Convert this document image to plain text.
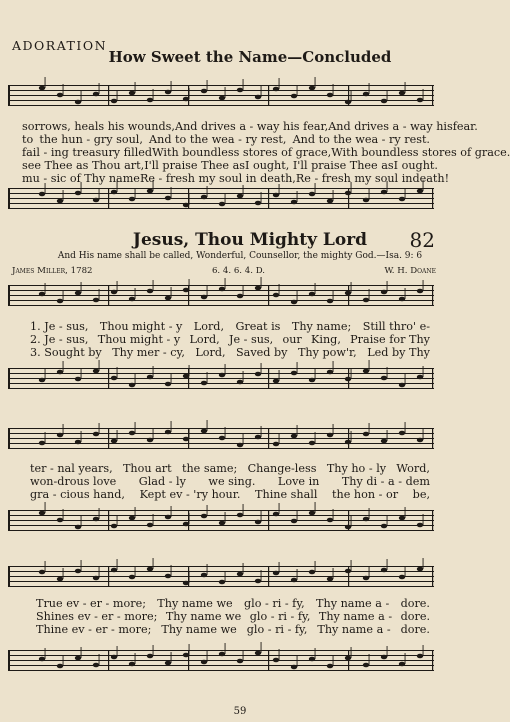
ADORATION
How Sweet the Name—Concluded
sorrows, heals his wounds, And drives a - way his fear, And drives a - way his fear.
to the hun - gry soul, And to the wea - ry rest, And to the wea - ry rest.
fail - ing treasury filled With boundless stores of grace, With boundless stores of grace.
see Thee as Thou art, I'll praise Thee as I ought, I'll praise Thee as I ought.
mu - sic of Thy name Re - fresh my soul in death, Re - fresh my soul in death!
Jesus, Thou Mighty Lord	82
And His name shall be called, Wonderful, Counsellor, the mighty God.—Isa. 9: 6
James Miller, 1782	6. 4. 6. 4. D.	W. H. Doane
1. Je - sus, Thou might - y Lord, Great is Thy name; Still thro' e-
2. Je - sus, Thou might - y Lord, Je - sus, our King, Praise for Thy
3. Sought by Thy mer - cy, Lord, Saved by Thy pow'r, Led by Thy
ter - nal years, Thou art the same; Change-less Thy ho - ly Word,
won-drous love Glad - ly we sing. Love in Thy di - a - dem
gra - cious hand, Kept ev - 'ry hour. Thine shall the hon - or be,
True ev - er - more; Thy name we glo - ri - fy, Thy name a - dore.
Shines ev - er - more; Thy name we glo - ri - fy, Thy name a - dore.
Thine ev - er - more; Thy name we glo - ri - fy, Thy name a - dore.
59
